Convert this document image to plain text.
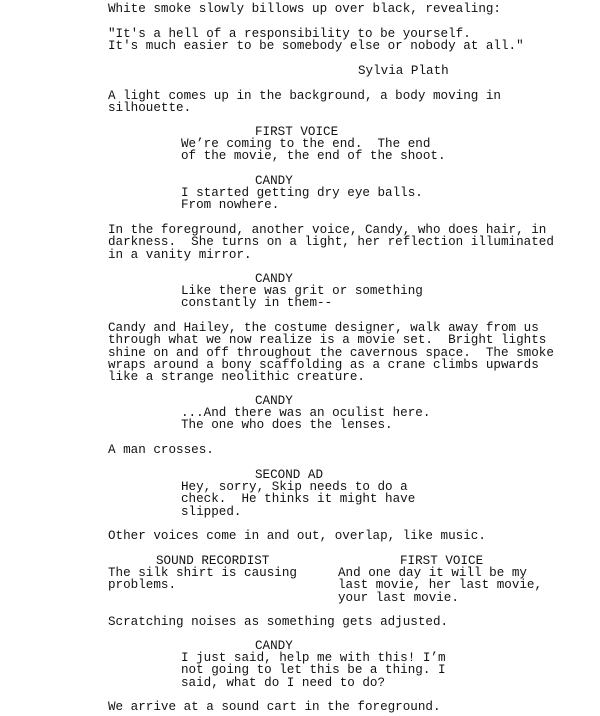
White smoke slowly billows up over black, revealing:
"It's a hell of a responsibility to be yourself.
It's much easier to be somebody else or nobody at all."
Sylvia Plath
A light comes up in the background, a body moving in
silhouette.
FIRST VOICE
We’re coming to the end.  The end
of the movie, the end of the shoot.
CANDY
I started getting dry eye balls.
From nowhere.
In the foreground, another voice, Candy, who does hair, in
darkness.  She turns on a light, her reflection illuminated
in a vanity mirror.
CANDY
Like there was grit or something
constantly in them--
Candy and Hailey, the costume designer, walk away from us
through what we now realize is a movie set.  Bright lights
shine on and off throughout the cavernous space.  The smoke
wraps around a bony scaffolding as a crane climbs upwards
like a strange neolithic creature.
CANDY
...And there was an oculist here.
The one who does the lenses.
A man crosses.
SECOND AD
Hey, sorry, Skip needs to do a
check.  He thinks it might have
slipped.
Other voices come in and out, overlap, like music.
SOUND RECORDIST
The silk shirt is causing
problems.
FIRST VOICE
And one day it will be my
last movie, her last movie,
your last movie.
Scratching noises as something gets adjusted.
CANDY
I just said, help me with this! I’m
not going to let this be a thing. I
said, what do I need to do?
We arrive at a sound cart in the foreground.
